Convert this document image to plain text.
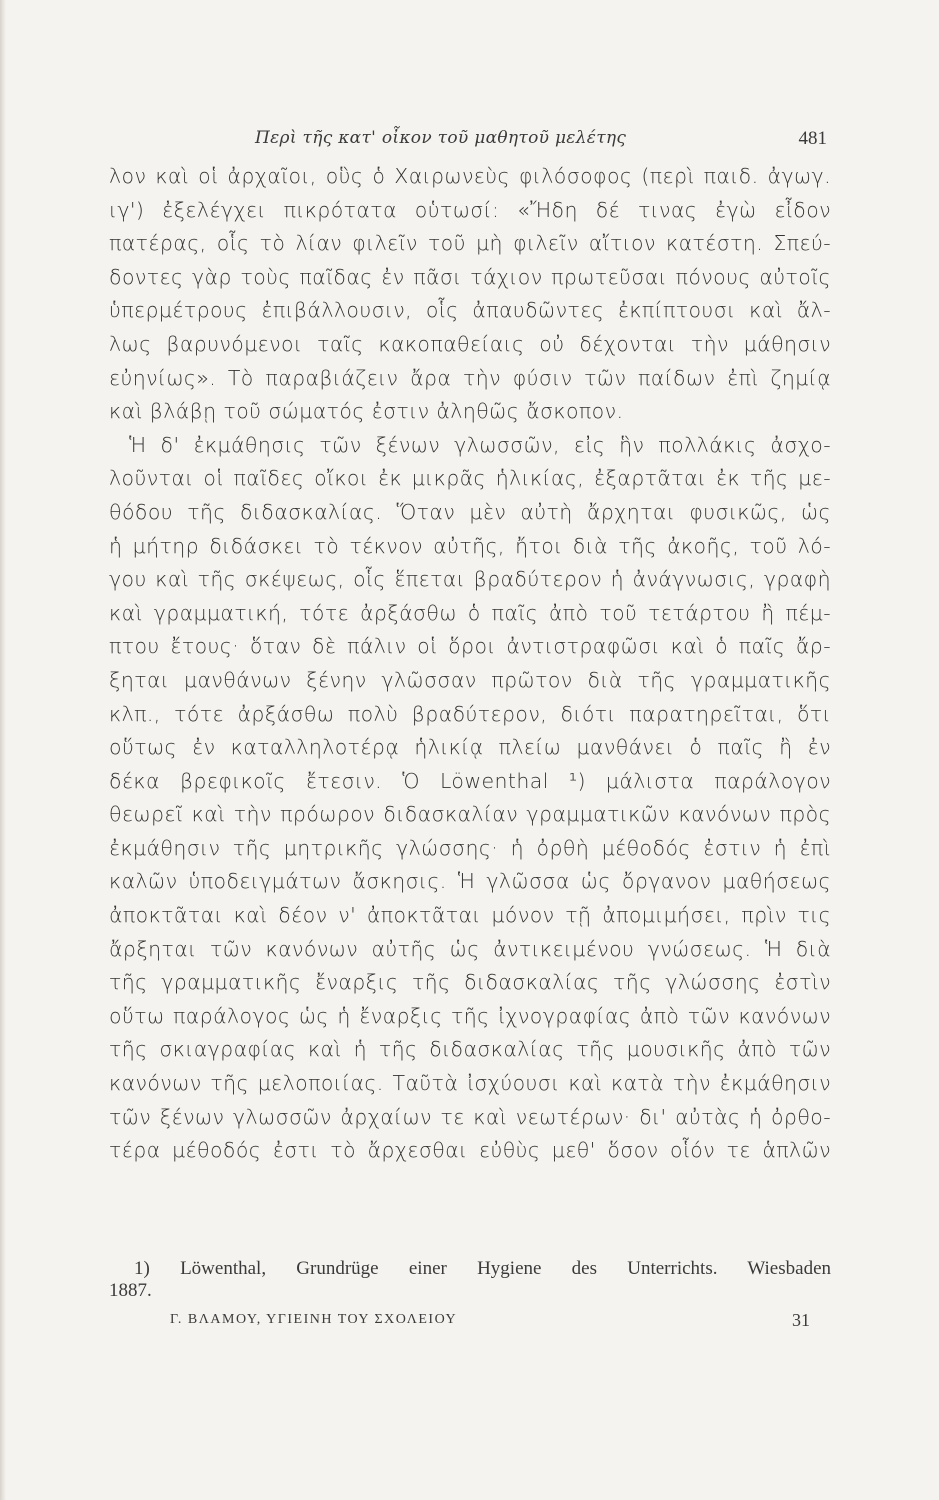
Περὶ τῆς κατ' οἶκον τοῦ μαθητοῦ μελέτης	481
λον καὶ οἱ ἀρχαῖοι, οὓς ὁ Χαιρωνεὺς φιλόσοφος (περὶ παιδ. ἀγωγ.
ιγ') ἐξελέγχει πικρότατα οὑτωσί: «Ἤδη δέ τινας ἐγὼ εἶδον
πατέρας, οἷς τὸ λίαν φιλεῖν τοῦ μὴ φιλεῖν αἴτιον κατέστη. Σπεύ-
δοντες γὰρ τοὺς παῖδας ἐν πᾶσι τάχιον πρωτεῦσαι πόνους αὐτοῖς
ὑπερμέτρους ἐπιβάλλουσιν, οἷς ἀπαυδῶντες ἐκπίπτουσι καὶ ἄλ-
λως βαρυνόμενοι ταῖς κακοπαθείαις οὐ δέχονται τὴν μάθησιν
εὐηνίως». Τὸ παραβιάζειν ἄρα τὴν φύσιν τῶν παίδων ἐπὶ ζημίᾳ
καὶ βλάβῃ τοῦ σώματός ἐστιν ἀληθῶς ἄσκοπον.
Ἡ δ' ἐκμάθησις τῶν ξένων γλωσσῶν, εἰς ἣν πολλάκις ἀσχο-
λοῦνται οἱ παῖδες οἴκοι ἐκ μικρᾶς ἡλικίας, ἐξαρτᾶται ἐκ τῆς με-
θόδου τῆς διδασκαλίας. Ὅταν μὲν αὐτὴ ἄρχηται φυσικῶς, ὡς
ἡ μήτηρ διδάσκει τὸ τέκνον αὐτῆς, ἤτοι διὰ τῆς ἀκοῆς, τοῦ λό-
γου καὶ τῆς σκέψεως, οἷς ἕπεται βραδύτερον ἡ ἀνάγνωσις, γραφὴ
καὶ γραμματική, τότε ἀρξάσθω ὁ παῖς ἀπὸ τοῦ τετάρτου ἢ πέμ-
πτου ἔτους· ὅταν δὲ πάλιν οἱ ὅροι ἀντιστραφῶσι καὶ ὁ παῖς ἄρ-
ξηται μανθάνων ξένην γλῶσσαν πρῶτον διὰ τῆς γραμματικῆς
κλπ., τότε ἀρξάσθω πολὺ βραδύτερον, διότι παρατηρεῖται, ὅτι
οὕτως ἐν καταλληλοτέρᾳ ἡλικίᾳ πλείω μανθάνει ὁ παῖς ἢ ἐν
δέκα βρεφικοῖς ἔτεσιν. Ὁ Löwenthal ¹) μάλιστα παράλογον
θεωρεῖ καὶ τὴν πρόωρον διδασκαλίαν γραμματικῶν κανόνων πρὸς
ἐκμάθησιν τῆς μητρικῆς γλώσσης· ἡ ὀρθὴ μέθοδός ἐστιν ἡ ἐπὶ
καλῶν ὑποδειγμάτων ἄσκησις. Ἡ γλῶσσα ὡς ὄργανον μαθήσεως
ἀποκτᾶται καὶ δέον ν' ἀποκτᾶται μόνον τῇ ἀπομιμήσει, πρὶν τις
ἄρξηται τῶν κανόνων αὐτῆς ὡς ἀντικειμένου γνώσεως. Ἡ διὰ
τῆς γραμματικῆς ἔναρξις τῆς διδασκαλίας τῆς γλώσσης ἐστὶν
οὕτω παράλογος ὡς ἡ ἔναρξις τῆς ἰχνογραφίας ἀπὸ τῶν κανόνων
τῆς σκιαγραφίας καὶ ἡ τῆς διδασκαλίας τῆς μουσικῆς ἀπὸ τῶν
κανόνων τῆς μελοποιίας. Ταῦτὰ ἰσχύουσι καὶ κατὰ τὴν ἐκμάθησιν
τῶν ξένων γλωσσῶν ἀρχαίων τε καὶ νεωτέρων· δι' αὐτὰς ἡ ὀρθο-
τέρα μέθοδός ἐστι τὸ ἄρχεσθαι εὐθὺς μεθ' ὅσον οἷόν τε ἁπλῶν
1) Löwenthal, Grundrüge einer Hygiene des Unterrichts. Wiesbaden
1887.
Γ. ΒΛΑΜΟΥ, ΥΓΙΕΙΝΗ ΤΟΥ ΣΧΟΛΕΙΟΥ	31
